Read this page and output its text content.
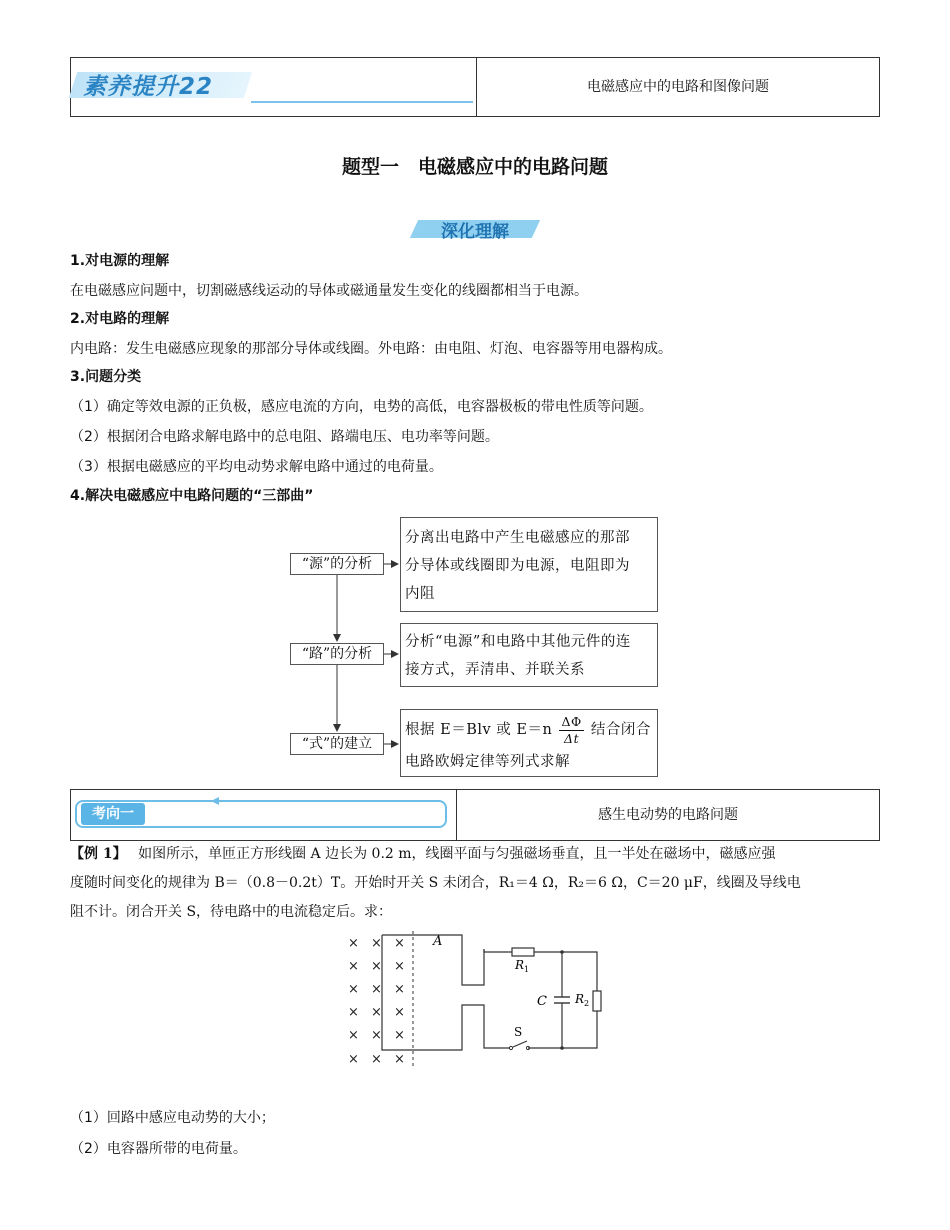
素养提升22	电磁感应中的电路和图像问题
题型一　电磁感应中的电路问题
深化理解
1.对电源的理解
在电磁感应问题中，切割磁感线运动的导体或磁通量发生变化的线圈都相当于电源。
2.对电路的理解
内电路：发生电磁感应现象的那部分导体或线圈。外电路：由电阻、灯泡、电容器等用电器构成。
3.问题分类
（1）确定等效电源的正负极，感应电流的方向，电势的高低，电容器极板的带电性质等问题。
（2）根据闭合电路求解电路中的总电阻、路端电压、电功率等问题。
（3）根据电磁感应的平均电动势求解电路中通过的电荷量。
4.解决电磁感应中电路问题的“三部曲”
“源”的分析
“路”的分析
“式”的建立
分离出电路中产生电磁感应的那部
分导体或线圈即为电源，电阻即为
内阻
分析“电源”和电路中其他元件的连
接方式，弄清串、并联关系
根据 E＝Blv 或 $E=n \frac{\Delta\Phi}{\Delta t}$ 结合闭合
电路欧姆定律等列式求解
考向一	感生电动势的电路问题
【例 1】　 如图所示，单匝正方形线圈 A 边长为 0.2 m，线圈平面与匀强磁场垂直，且一半处在磁场中，磁感应强
度随时间变化的规律为 B＝（0.8－0.2t）T。开始时开关 S 未闭合，R₁＝4 Ω，R₂＝6 Ω，C＝20 μF，线圈及导线电
阻不计。闭合开关 S，待电路中的电流稳定后。求：
× × ×
× × ×
× × ×
× × ×
× × ×
× × ×
A
$R_1$
$R_2$
C
S
（1）回路中感应电动势的大小；
（2）电容器所带的电荷量。
